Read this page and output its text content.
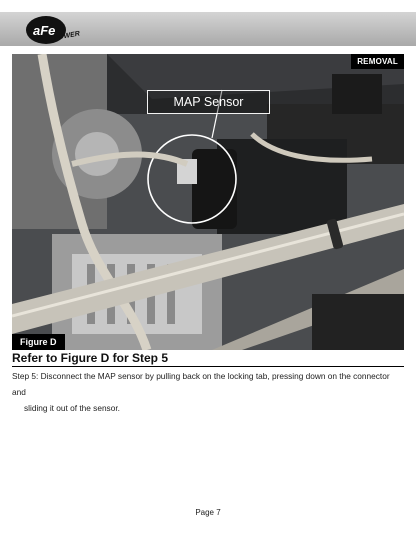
aFe
POWER
REMOVAL
MAP Sensor
Figure D
Refer to Figure D for Step 5
Step 5: Disconnect the MAP sensor by pulling back on the locking tab, pressing down on the connector and
sliding it out of the sensor.
Page 7
